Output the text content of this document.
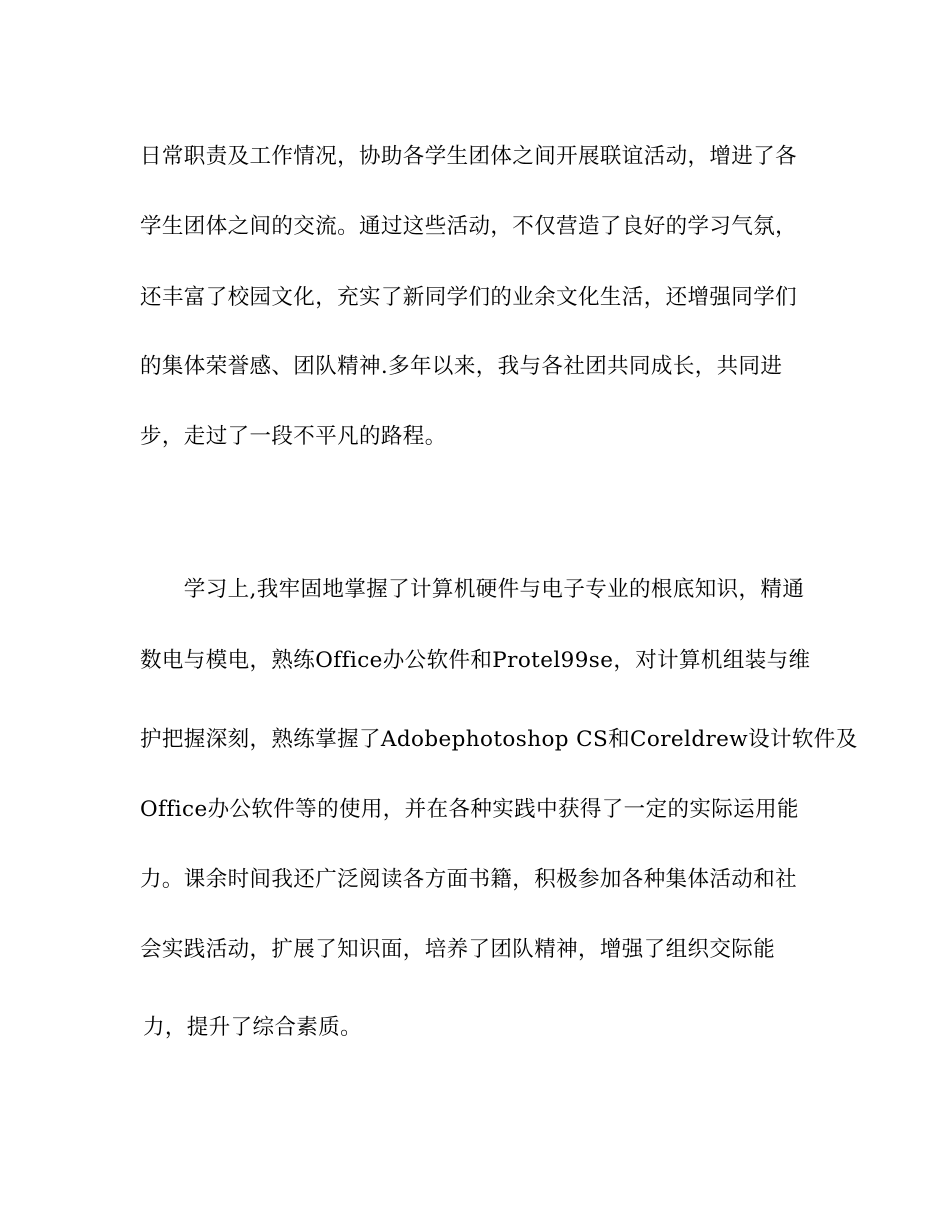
日常职责及工作情况，协助各学生团体之间开展联谊活动，增进了各
学生团体之间的交流。通过这些活动，不仅营造了良好的学习气氛，
还丰富了校园文化，充实了新同学们的业余文化生活，还增强同学们
的集体荣誉感、团队精神.多年以来，我与各社团共同成长，共同进
步，走过了一段不平凡的路程。
　　学习上,我牢固地掌握了计算机硬件与电子专业的根底知识，精通
数电与模电，熟练Office办公软件和Protel99se，对计算机组装与维
护把握深刻，熟练掌握了Adobephotoshop CS和Coreldrew设计软件及
Office办公软件等的使用，并在各种实践中获得了一定的实际运用能
力。课余时间我还广泛阅读各方面书籍，积极参加各种集体活动和社
会实践活动，扩展了知识面，培养了团队精神，增强了组织交际能
力，提升了综合素质。
